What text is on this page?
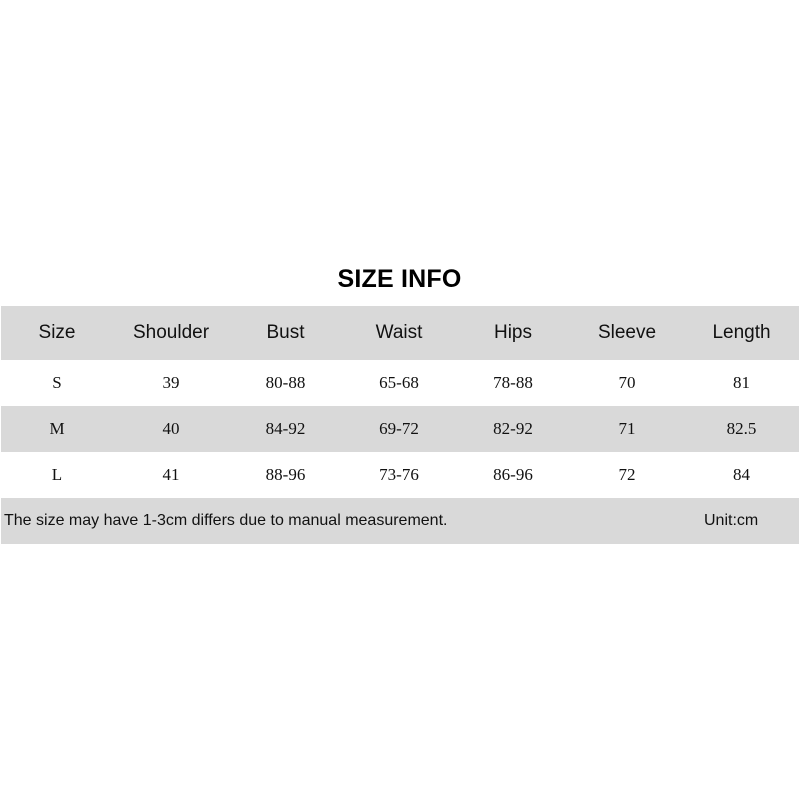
SIZE INFO
Size	Shoulder	Bust	Waist	Hips	Sleeve	Length
S	39	80-88	65-68	78-88	70	81
M	40	84-92	69-72	82-92	71	82.5
L	41	88-96	73-76	86-96	72	84
The size may have 1-3cm differs due to manual measurement.	Unit:cm
